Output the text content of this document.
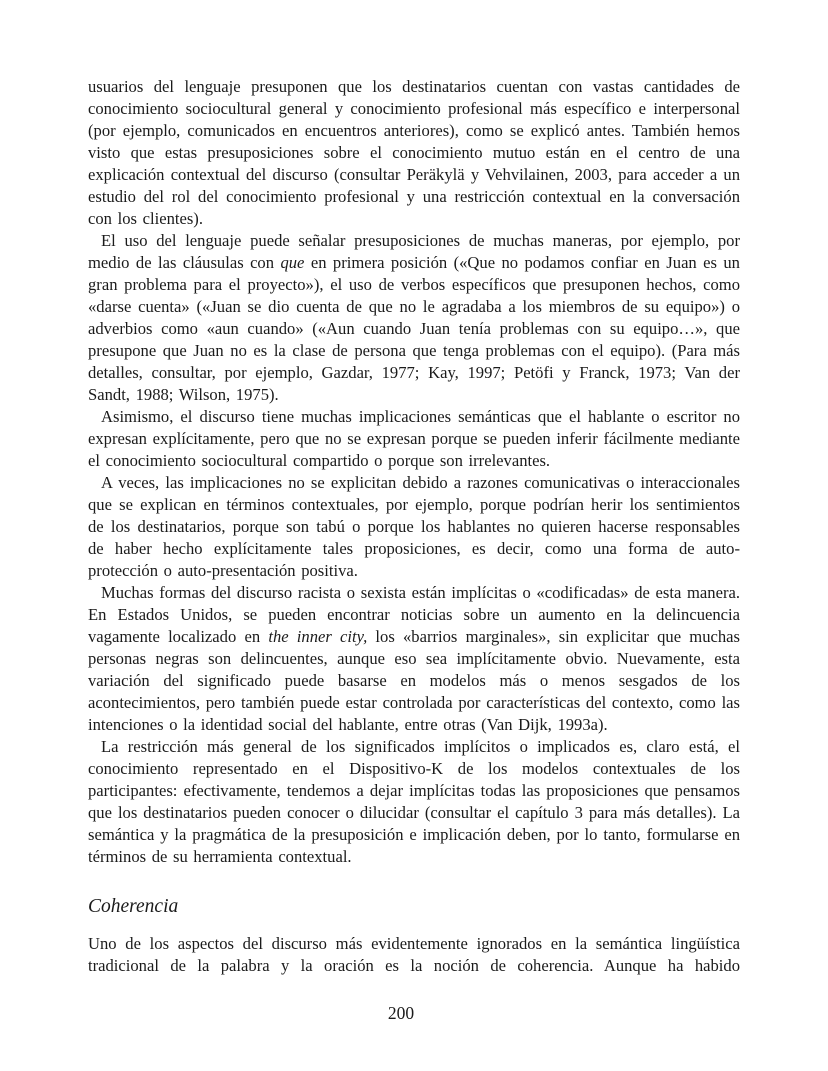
usuarios del lenguaje presuponen que los destinatarios cuentan con vastas cantidades de conocimiento sociocultural general y conocimiento profesional más específico e interpersonal (por ejemplo, comunicados en encuentros anteriores), como se explicó antes. También hemos visto que estas presuposiciones sobre el conocimiento mutuo están en el centro de una explicación contextual del discurso (consultar Peräkylä y Vehvilainen, 2003, para acceder a un estudio del rol del conocimiento profesional y una restricción contextual en la conversación con los clientes).

El uso del lenguaje puede señalar presuposiciones de muchas maneras, por ejemplo, por medio de las cláusulas con que en primera posición («Que no podamos confiar en Juan es un gran problema para el proyecto»), el uso de verbos específicos que presuponen hechos, como «darse cuenta» («Juan se dio cuenta de que no le agradaba a los miembros de su equipo») o adverbios como «aun cuando» («Aun cuando Juan tenía problemas con su equipo…», que presupone que Juan no es la clase de persona que tenga problemas con el equipo). (Para más detalles, consultar, por ejemplo, Gazdar, 1977; Kay, 1997; Petöfi y Franck, 1973; Van der Sandt, 1988; Wilson, 1975).

Asimismo, el discurso tiene muchas implicaciones semánticas que el hablante o escritor no expresan explícitamente, pero que no se expresan porque se pueden inferir fácilmente mediante el conocimiento sociocultural compartido o porque son irrelevantes.

A veces, las implicaciones no se explicitan debido a razones comunicativas o interaccionales que se explican en términos contextuales, por ejemplo, porque podrían herir los sentimientos de los destinatarios, porque son tabú o porque los hablantes no quieren hacerse responsables de haber hecho explícitamente tales proposiciones, es decir, como una forma de auto-protección o auto-presentación positiva.

Muchas formas del discurso racista o sexista están implícitas o «codificadas» de esta manera. En Estados Unidos, se pueden encontrar noticias sobre un aumento en la delincuencia vagamente localizado en the inner city, los «barrios marginales», sin explicitar que muchas personas negras son delincuentes, aunque eso sea implícitamente obvio. Nuevamente, esta variación del significado puede basarse en modelos más o menos sesgados de los acontecimientos, pero también puede estar controlada por características del contexto, como las intenciones o la identidad social del hablante, entre otras (Van Dijk, 1993a).

La restricción más general de los significados implícitos o implicados es, claro está, el conocimiento representado en el Dispositivo-K de los modelos contextuales de los participantes: efectivamente, tendemos a dejar implícitas todas las proposiciones que pensamos que los destinatarios pueden conocer o dilucidar (consultar el capítulo 3 para más detalles). La semántica y la pragmática de la presuposición e implicación deben, por lo tanto, formularse en términos de su herramienta contextual.

Coherencia

Uno de los aspectos del discurso más evidentemente ignorados en la semántica lingüística tradicional de la palabra y la oración es la noción de coherencia. Aunque ha habido

200
